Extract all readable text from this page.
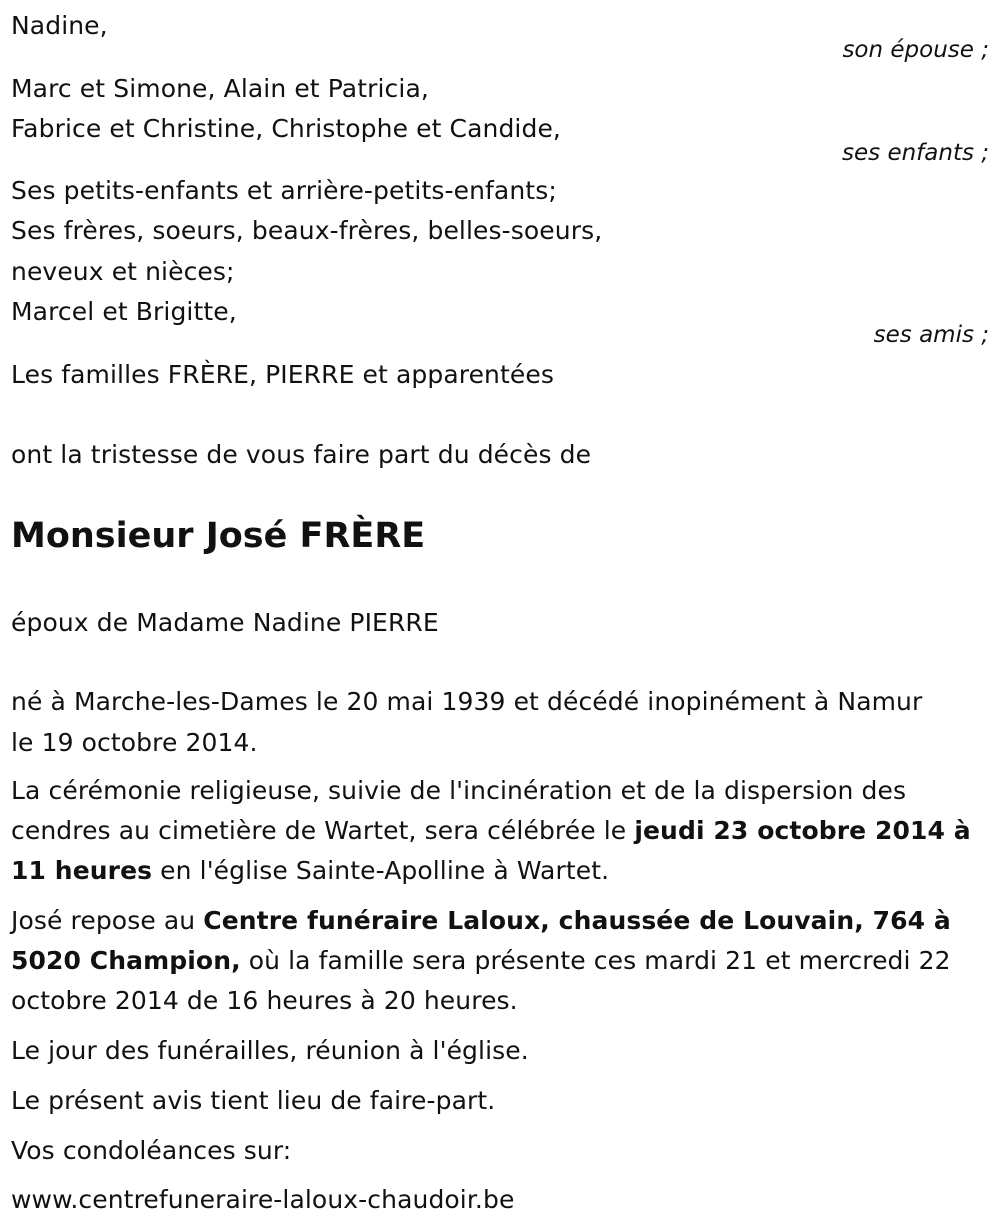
Nadine,
son épouse ;
Marc et Simone, Alain et Patricia,
Fabrice et Christine, Christophe et Candide,
ses enfants ;
Ses petits-enfants et arrière-petits-enfants;
Ses frères, soeurs, beaux-frères, belles-soeurs,
neveux et nièces;
Marcel et Brigitte,
ses amis ;
Les familles FRÈRE, PIERRE et apparentées
ont la tristesse de vous faire part du décès de
Monsieur José FRÈRE
époux de Madame Nadine PIERRE
né à Marche-les-Dames le 20 mai 1939 et décédé inopinément à Namur
le 19 octobre 2014.
La cérémonie religieuse, suivie de l'incinération et de la dispersion des cendres au cimetière de Wartet, sera célébrée le jeudi 23 octobre 2014 à 11 heures en l'église Sainte-Apolline à Wartet.
José repose au Centre funéraire Laloux, chaussée de Louvain, 764 à 5020 Champion, où la famille sera présente ces mardi 21 et mercredi 22 octobre 2014 de 16 heures à 20 heures.
Le jour des funérailles, réunion à l'église.
Le présent avis tient lieu de faire-part.
Vos condoléances sur:
www.centrefuneraire-laloux-chaudoir.be
